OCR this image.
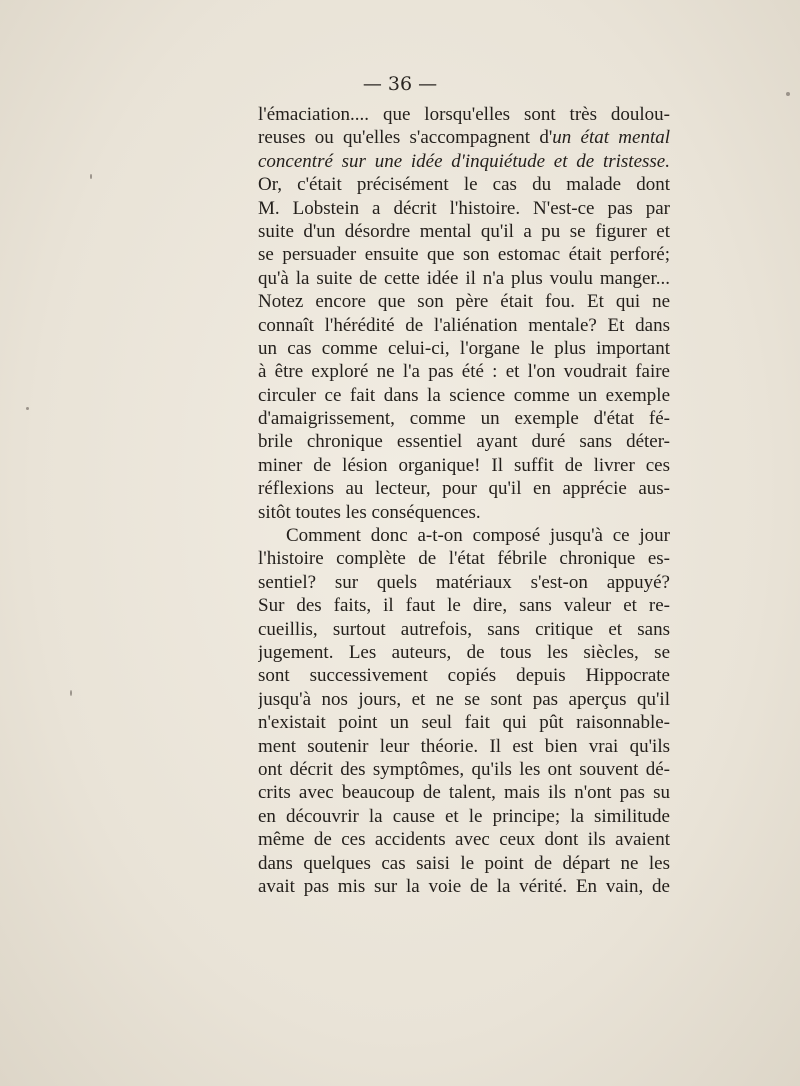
— 36 —

l'émaciation.... que lorsqu'elles sont très doulou-
reuses ou qu'elles s'accompagnent d'un état mental
concentré sur une idée d'inquiétude et de tristesse.
Or, c'était précisément le cas du malade dont
M. Lobstein a décrit l'histoire. N'est-ce pas par
suite d'un désordre mental qu'il a pu se figurer et
se persuader ensuite que son estomac était perforé;
qu'à la suite de cette idée il n'a plus voulu manger...
Notez encore que son père était fou. Et qui ne
connaît l'hérédité de l'aliénation mentale? Et dans
un cas comme celui-ci, l'organe le plus important
à être exploré ne l'a pas été : et l'on voudrait faire
circuler ce fait dans la science comme un exemple
d'amaigrissement, comme un exemple d'état fé-
brile chronique essentiel ayant duré sans déter-
miner de lésion organique! Il suffit de livrer ces
réflexions au lecteur, pour qu'il en apprécie aus-
sitôt toutes les conséquences.
Comment donc a-t-on composé jusqu'à ce jour
l'histoire complète de l'état fébrile chronique es-
sentiel? sur quels matériaux s'est-on appuyé?
Sur des faits, il faut le dire, sans valeur et re-
cueillis, surtout autrefois, sans critique et sans
jugement. Les auteurs, de tous les siècles, se
sont successivement copiés depuis Hippocrate
jusqu'à nos jours, et ne se sont pas aperçus qu'il
n'existait point un seul fait qui pût raisonnable-
ment soutenir leur théorie. Il est bien vrai qu'ils
ont décrit des symptômes, qu'ils les ont souvent dé-
crits avec beaucoup de talent, mais ils n'ont pas su
en découvrir la cause et le principe; la similitude
même de ces accidents avec ceux dont ils avaient
dans quelques cas saisi le point de départ ne les
avait pas mis sur la voie de la vérité. En vain, de
